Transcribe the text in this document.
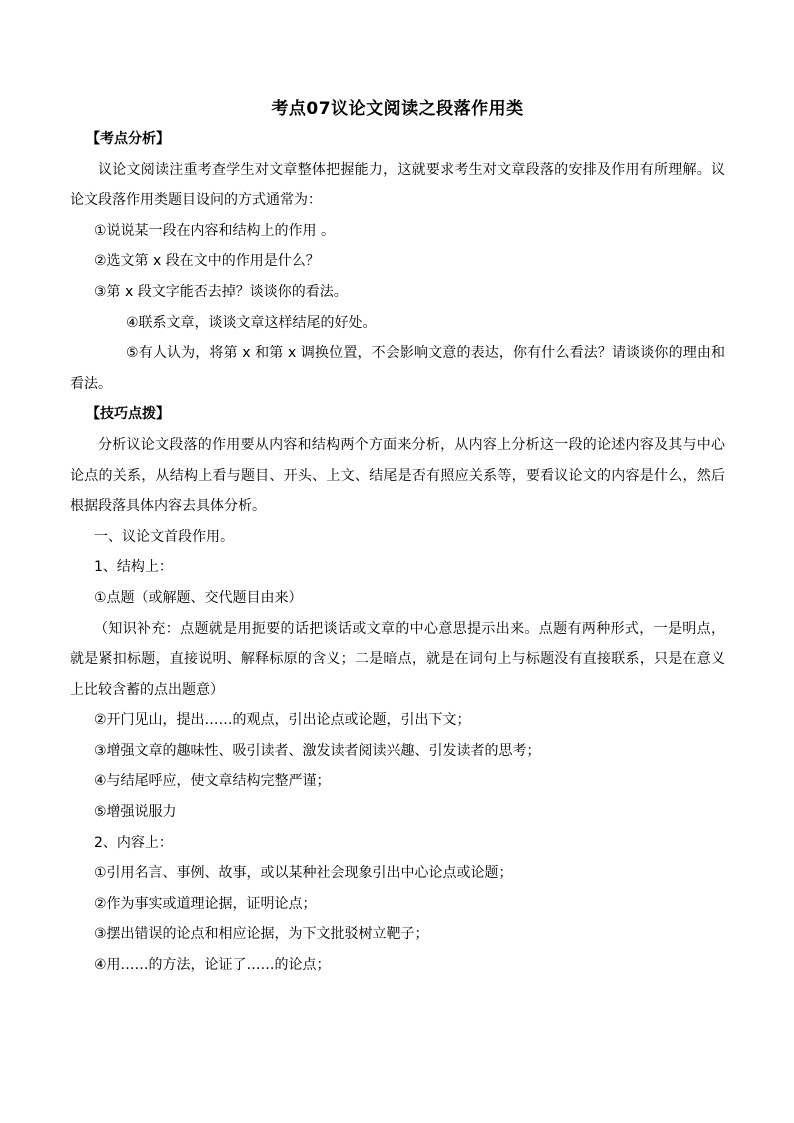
考点07议论文阅读之段落作用类
【考点分析】
议论文阅读注重考查学生对文章整体把握能力，这就要求考生对文章段落的安排及作用有所理解。议
论文段落作用类题目设问的方式通常为：
①说说某一段在内容和结构上的作用 。
②选文第 x 段在文中的作用是什么？
③第 x 段文字能否去掉？谈谈你的看法。
④联系文章，谈谈文章这样结尾的好处。
⑤有人认为，将第 x 和第 x 调换位置，不会影响文意的表达，你有什么看法？请谈谈你的理由和
看法。
【技巧点拨】
分析议论文段落的作用要从内容和结构两个方面来分析，从内容上分析这一段的论述内容及其与中心
论点的关系，从结构上看与题目、开头、上文、结尾是否有照应关系等，要看议论文的内容是什么，然后
根据段落具体内容去具体分析。
一、议论文首段作用。
1、结构上：
①点题（或解题、交代题目由来）
（知识补充：点题就是用扼要的话把谈话或文章的中心意思提示出来。点题有两种形式，一是明点，
就是紧扣标题，直接说明、解释标原的含义；二是暗点，就是在词句上与标题没有直接联系，只是在意义
上比较含蓄的点出题意）
②开门见山，提出……的观点，引出论点或论题，引出下文；
③增强文章的趣味性、吸引读者、激发读者阅读兴趣、引发读者的思考；
④与结尾呼应，使文章结构完整严谨；
⑤增强说服力
2、内容上：
①引用名言、事例、故事，或以某种社会现象引出中心论点或论题；
②作为事实或道理论据，证明论点；
③摆出错误的论点和相应论据，为下文批驳树立靶子；
④用……的方法，论证了……的论点；
